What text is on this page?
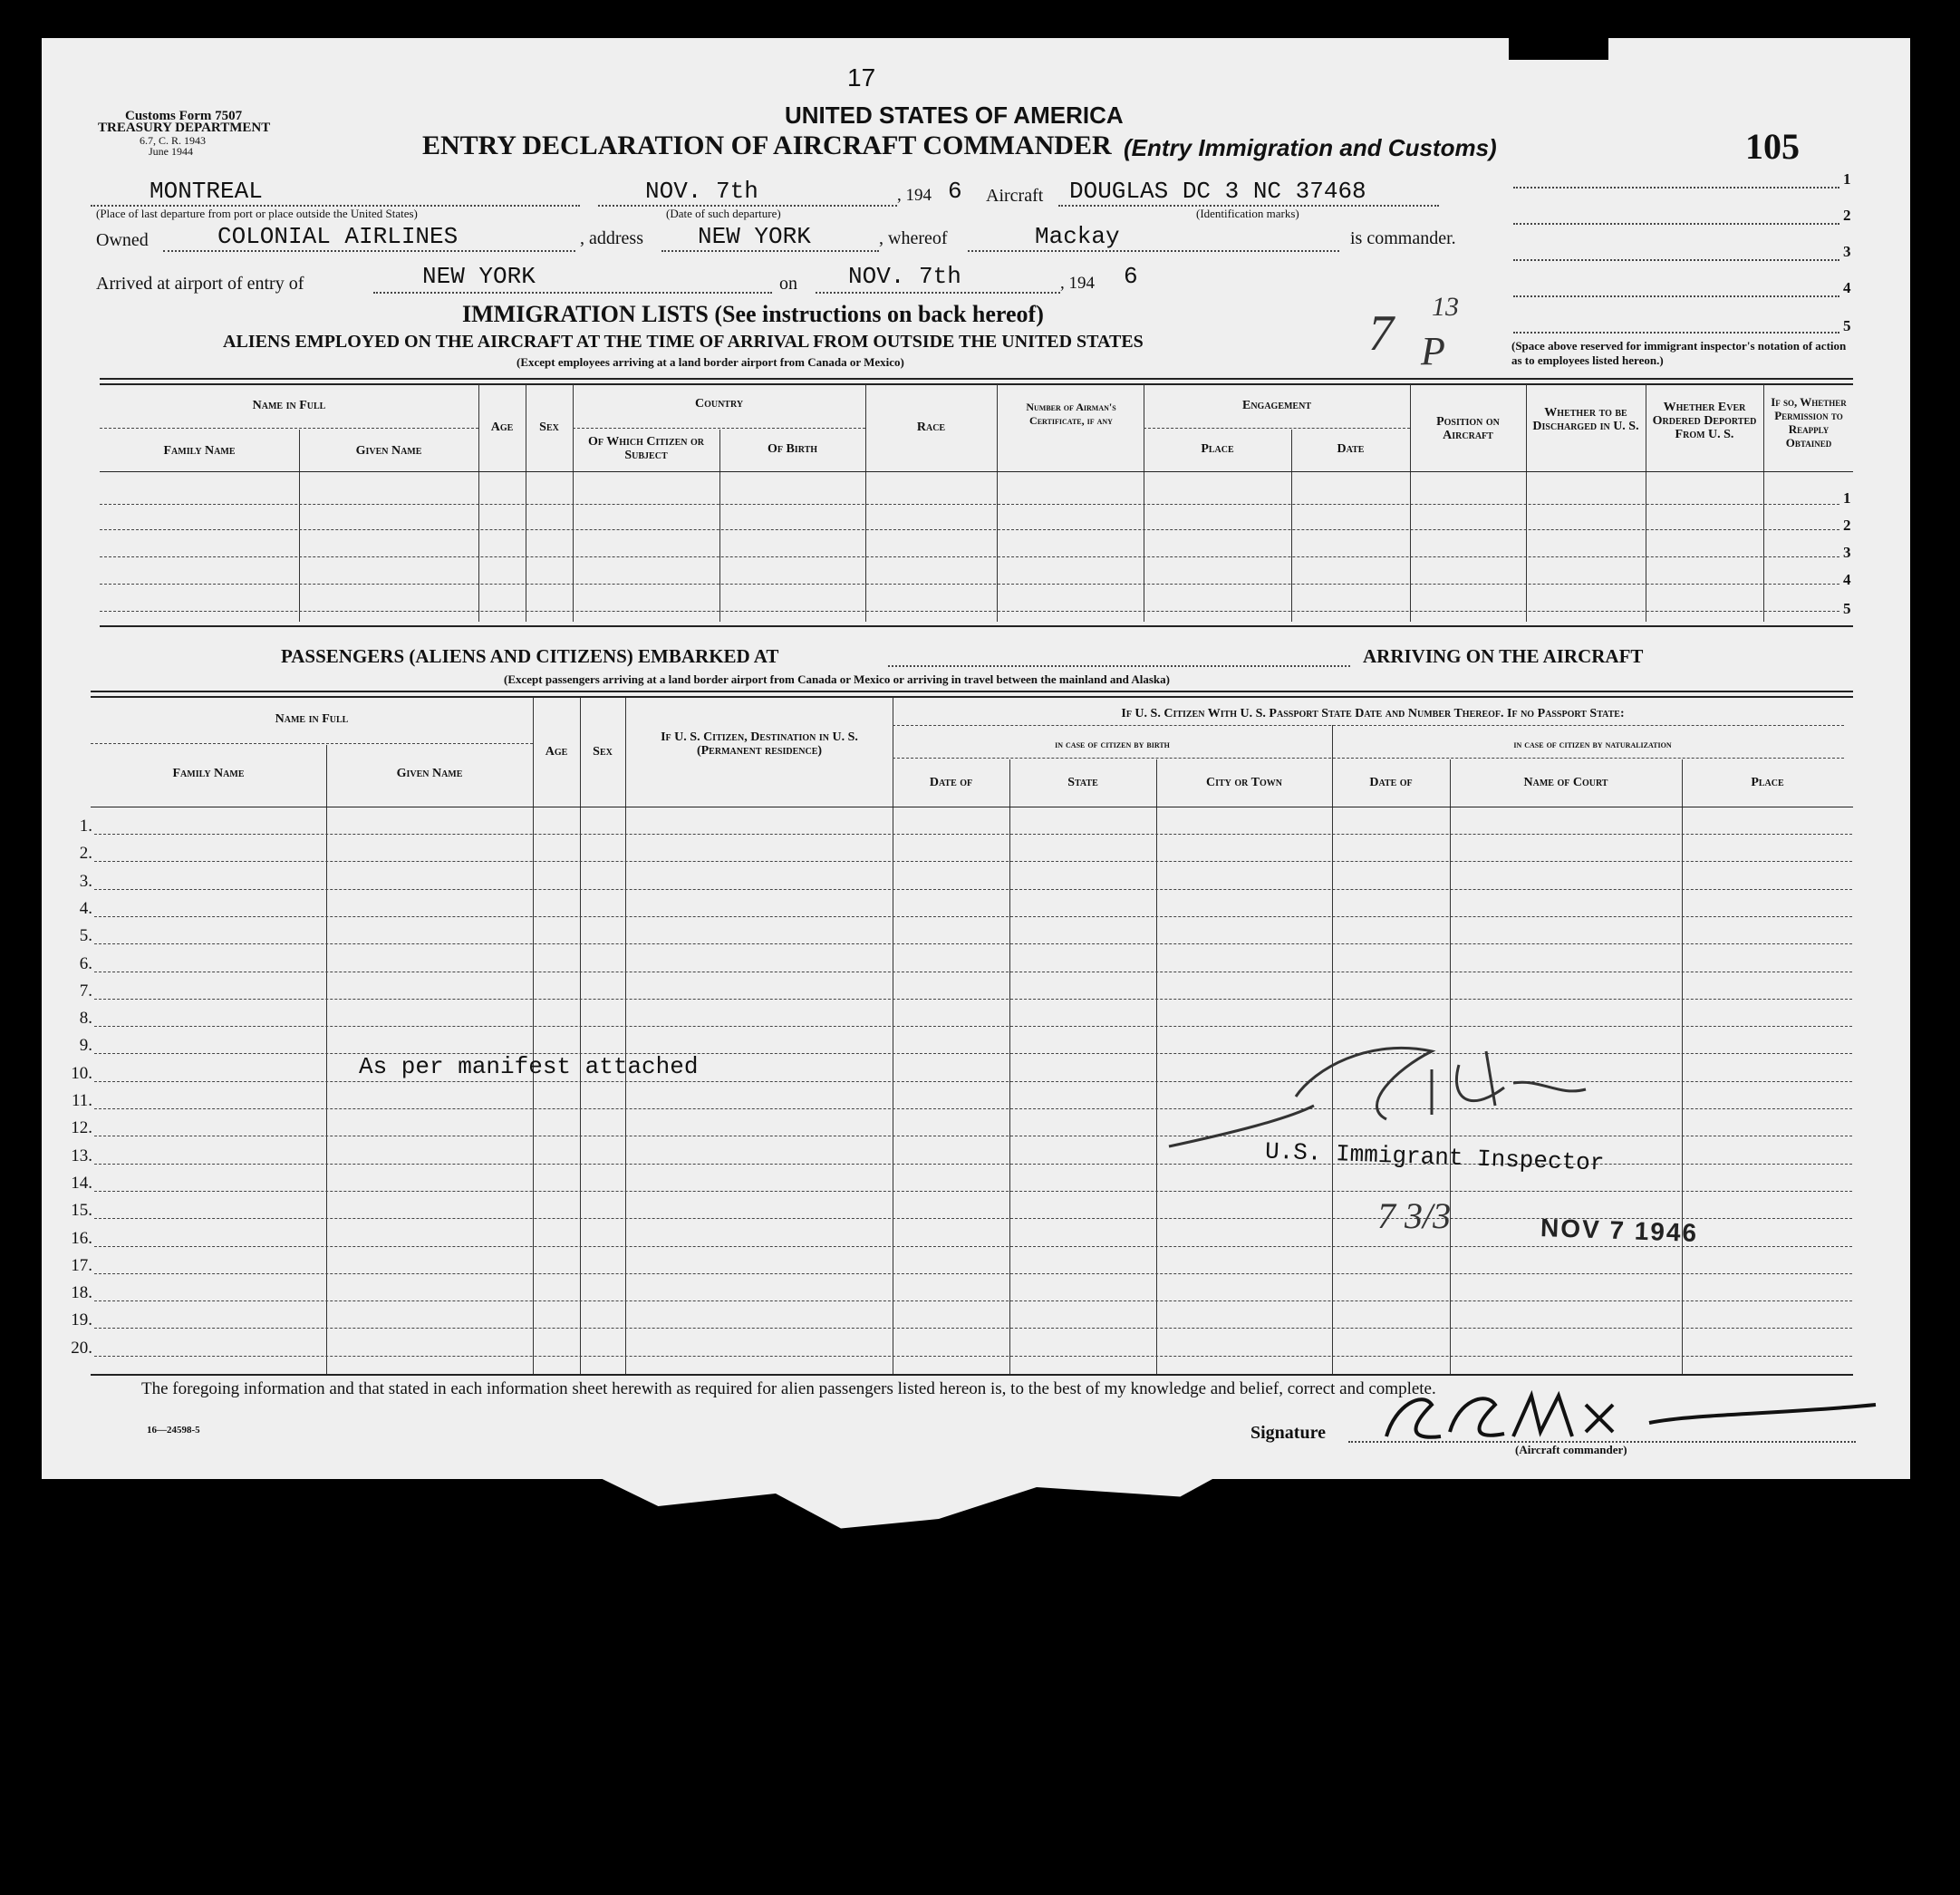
17
Customs Form 7507
TREASURY DEPARTMENT
6.7, C. R. 1943
June 1944
UNITED STATES OF AMERICA
ENTRY DECLARATION OF AIRCRAFT COMMANDER (Entry Immigration and Customs)	105
MONTREAL
(Place of last departure from port or place outside the United States)
NOV. 7th
(Date of such departure)
, 194 6 Aircraft DOUGLAS DC 3 NC 37468
(Identification marks)
Owned	COLONIAL AIRLINES	, address NEW YORK	, whereof	Mackay	is commander.
Arrived at airport of entry of	NEW YORK	on NOV. 7th	, 194 6
1
2
3
4
5
(Space above reserved for immigrant inspector's notation of action as to employees listed hereon.)
IMMIGRATION LISTS (See instructions on back hereof)
ALIENS EMPLOYED ON THE AIRCRAFT AT THE TIME OF ARRIVAL FROM OUTSIDE THE UNITED STATES
(Except employees arriving at a land border airport from Canada or Mexico)
7 13
P
Name in Full
Family Name	Given Name
Age	Sex
Country
Of Which Citizen or Subject	Of Birth
Race
Number of Airman's Certificate, if any
Engagement
Place	Date
Position on Aircraft
Whether to be Discharged in U. S.
Whether Ever Ordered Deported From U. S.
If so, Whether Permission to Reapply Obtained
1
2
3
4
5
PASSENGERS (ALIENS AND CITIZENS) EMBARKED AT	ARRIVING ON THE AIRCRAFT
(Except passengers arriving at a land border airport from Canada or Mexico or arriving in travel between the mainland and Alaska)
Name in Full
Family Name	Given Name
Age	Sex
If U. S. Citizen, Destination in U. S. (Permanent residence)
If U. S. Citizen With U. S. Passport State Date and Number Thereof. If no Passport State:
in case of citizen by birth	in case of citizen by naturalization
Date of	State	City or Town	Date of	Name of Court	Place
1.
2.
3.
4.
5.
6.
7.
8.
9.
10.
11.
12.
13.
14.
15.
16.
17.
18.
19.
20.
As per manifest attached
U.S. Immigrant Inspector
NOV 7 1946
7 3/3
The foregoing information and that stated in each information sheet herewith as required for alien passengers listed hereon is, to the best of my knowledge and belief, correct and complete.
16—24598-5	Signature
(Aircraft commander)
